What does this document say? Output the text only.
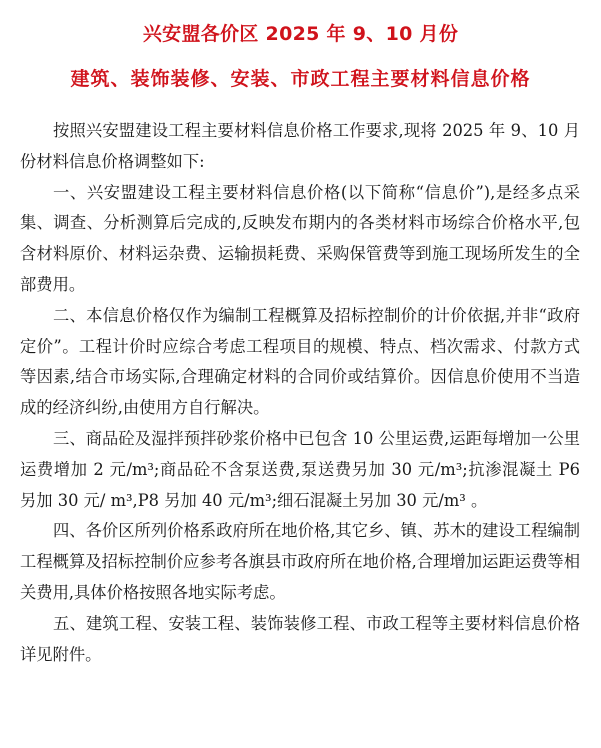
兴安盟各价区 2025 年 9、10 月份
建筑、装饰装修、安装、市政工程主要材料信息价格

按照兴安盟建设工程主要材料信息价格工作要求,现将 2025 年 9、10 月份材料信息价格调整如下:

一、兴安盟建设工程主要材料信息价格(以下简称“信息价”),是经多点采集、调查、分析测算后完成的,反映发布期内的各类材料市场综合价格水平,包含材料原价、材料运杂费、运输损耗费、采购保管费等到施工现场所发生的全部费用。

二、本信息价格仅作为编制工程概算及招标控制价的计价依据,并非“政府定价”。工程计价时应综合考虑工程项目的规模、特点、档次需求、付款方式等因素,结合市场实际,合理确定材料的合同价或结算价。因信息价使用不当造成的经济纠纷,由使用方自行解决。

三、商品砼及湿拌预拌砂浆价格中已包含 10 公里运费,运距每增加一公里运费增加 2 元/m³;商品砼不含泵送费,泵送费另加 30 元/m³;抗渗混凝土 P6 另加 30 元/ m³,P8 另加 40 元/m³;细石混凝土另加 30 元/m³ 。

四、各价区所列价格系政府所在地价格,其它乡、镇、苏木的建设工程编制工程概算及招标控制价应参考各旗县市政府所在地价格,合理增加运距运费等相关费用,具体价格按照各地实际考虑。

五、建筑工程、安装工程、装饰装修工程、市政工程等主要材料信息价格详见附件。
